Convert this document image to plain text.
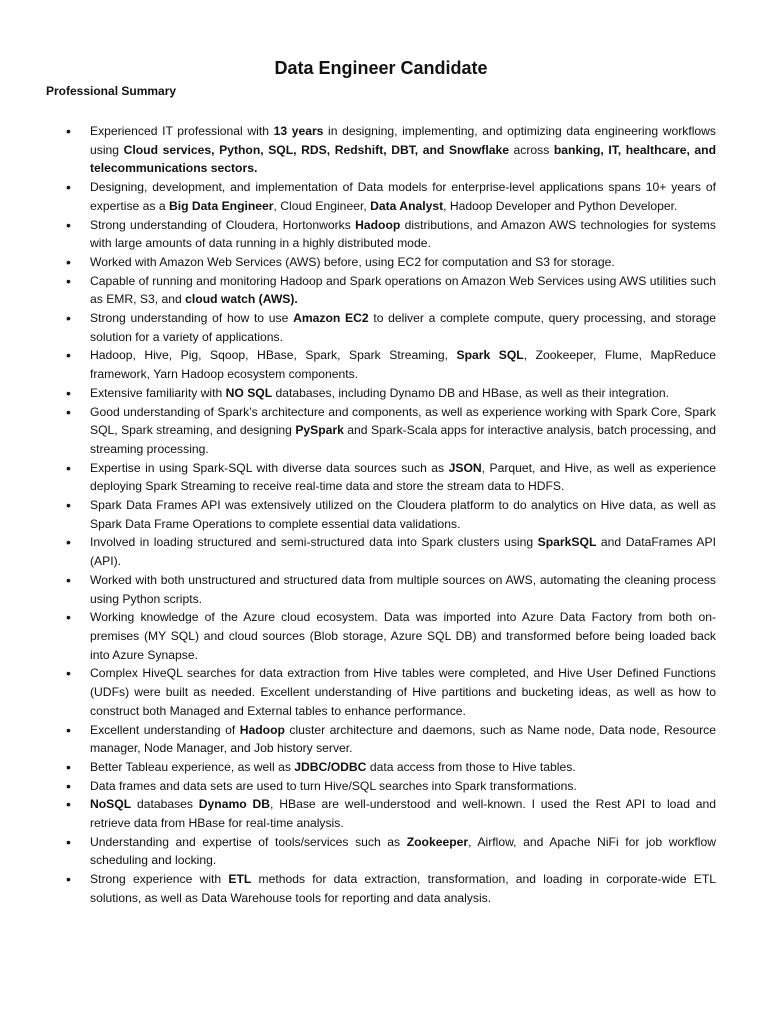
Data Engineer Candidate
Professional Summary
• Experienced IT professional with 13 years in designing, implementing, and optimizing data engineering workflows using Cloud services, Python, SQL, RDS, Redshift, DBT, and Snowflake across banking, IT, healthcare, and telecommunications sectors.
• Designing, development, and implementation of Data models for enterprise-level applications spans 10+ years of expertise as a Big Data Engineer, Cloud Engineer, Data Analyst, Hadoop Developer and Python Developer.
• Strong understanding of Cloudera, Hortonworks Hadoop distributions, and Amazon AWS technologies for systems with large amounts of data running in a highly distributed mode.
• Worked with Amazon Web Services (AWS) before, using EC2 for computation and S3 for storage.
• Capable of running and monitoring Hadoop and Spark operations on Amazon Web Services using AWS utilities such as EMR, S3, and cloud watch (AWS).
• Strong understanding of how to use Amazon EC2 to deliver a complete compute, query processing, and storage solution for a variety of applications.
• Hadoop, Hive, Pig, Sqoop, HBase, Spark, Spark Streaming, Spark SQL, Zookeeper, Flume, MapReduce framework, Yarn Hadoop ecosystem components.
• Extensive familiarity with NO SQL databases, including Dynamo DB and HBase, as well as their integration.
• Good understanding of Spark’s architecture and components, as well as experience working with Spark Core, Spark SQL, Spark streaming, and designing PySpark and Spark-Scala apps for interactive analysis, batch processing, and streaming processing.
• Expertise in using Spark-SQL with diverse data sources such as JSON, Parquet, and Hive, as well as experience deploying Spark Streaming to receive real-time data and store the stream data to HDFS.
• Spark Data Frames API was extensively utilized on the Cloudera platform to do analytics on Hive data, as well as Spark Data Frame Operations to complete essential data validations.
• Involved in loading structured and semi-structured data into Spark clusters using SparkSQL and DataFrames API (API).
• Worked with both unstructured and structured data from multiple sources on AWS, automating the cleaning process using Python scripts.
• Working knowledge of the Azure cloud ecosystem. Data was imported into Azure Data Factory from both on-premises (MY SQL) and cloud sources (Blob storage, Azure SQL DB) and transformed before being loaded back into Azure Synapse.
• Complex HiveQL searches for data extraction from Hive tables were completed, and Hive User Defined Functions (UDFs) were built as needed. Excellent understanding of Hive partitions and bucketing ideas, as well as how to construct both Managed and External tables to enhance performance.
• Excellent understanding of Hadoop cluster architecture and daemons, such as Name node, Data node, Resource manager, Node Manager, and Job history server.
• Better Tableau experience, as well as JDBC/ODBC data access from those to Hive tables.
• Data frames and data sets are used to turn Hive/SQL searches into Spark transformations.
• NoSQL databases Dynamo DB, HBase are well-understood and well-known. I used the Rest API to load and retrieve data from HBase for real-time analysis.
• Understanding and expertise of tools/services such as Zookeeper, Airflow, and Apache NiFi for job workflow scheduling and locking.
• Strong experience with ETL methods for data extraction, transformation, and loading in corporate-wide ETL solutions, as well as Data Warehouse tools for reporting and data analysis.
